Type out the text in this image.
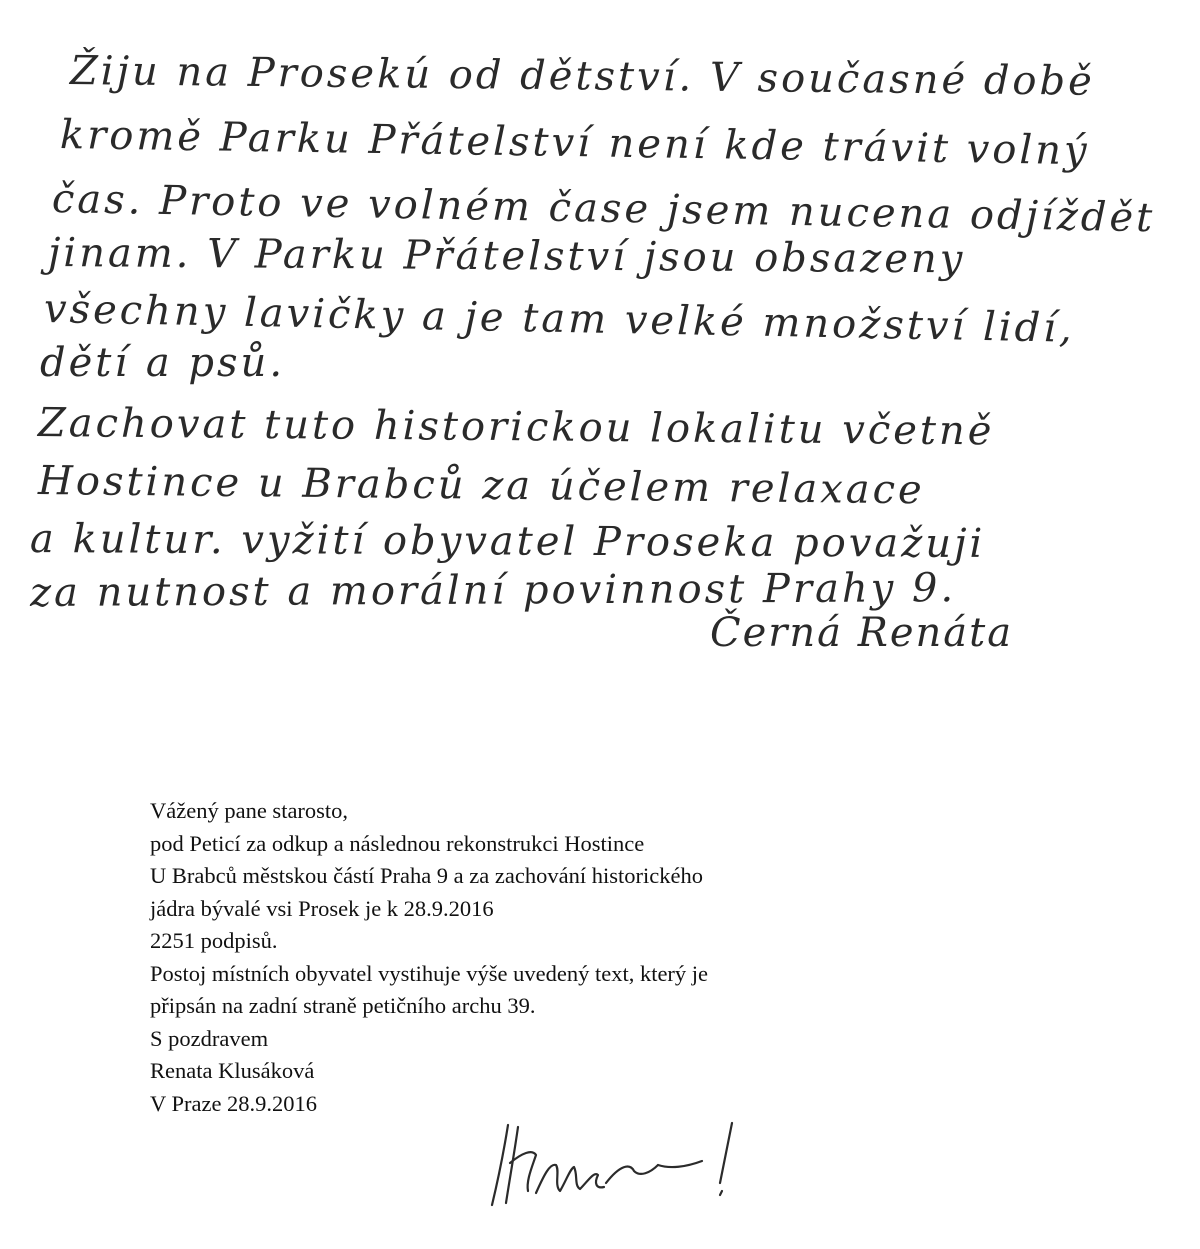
Žiju na Prosekú od dětství. V současné době
kromě Parku Přátelství není kde trávit volný
čas. Proto ve volném čase jsem nucena odjíždět
jinam. V Parku Přátelství jsou obsazeny
všechny lavičky a je tam velké množství lidí,
dětí a psů.
Zachovat tuto historickou lokalitu včetně
Hostince u Brabců za účelem relaxace
a kultur. vyžití obyvatel Proseka považuji
za nutnost a morální povinnost Prahy 9.
Černá Renáta
Vážený pane starosto,
pod Peticí za odkup a následnou rekonstrukci Hostince
U Brabců městskou částí Praha 9 a za zachování historického
jádra bývalé vsi Prosek je k 28.9.2016
2251 podpisů.
Postoj místních obyvatel vystihuje výše uvedený text, který je
připsán na zadní straně petičního archu 39.
S pozdravem
Renata Klusáková
V Praze 28.9.2016
